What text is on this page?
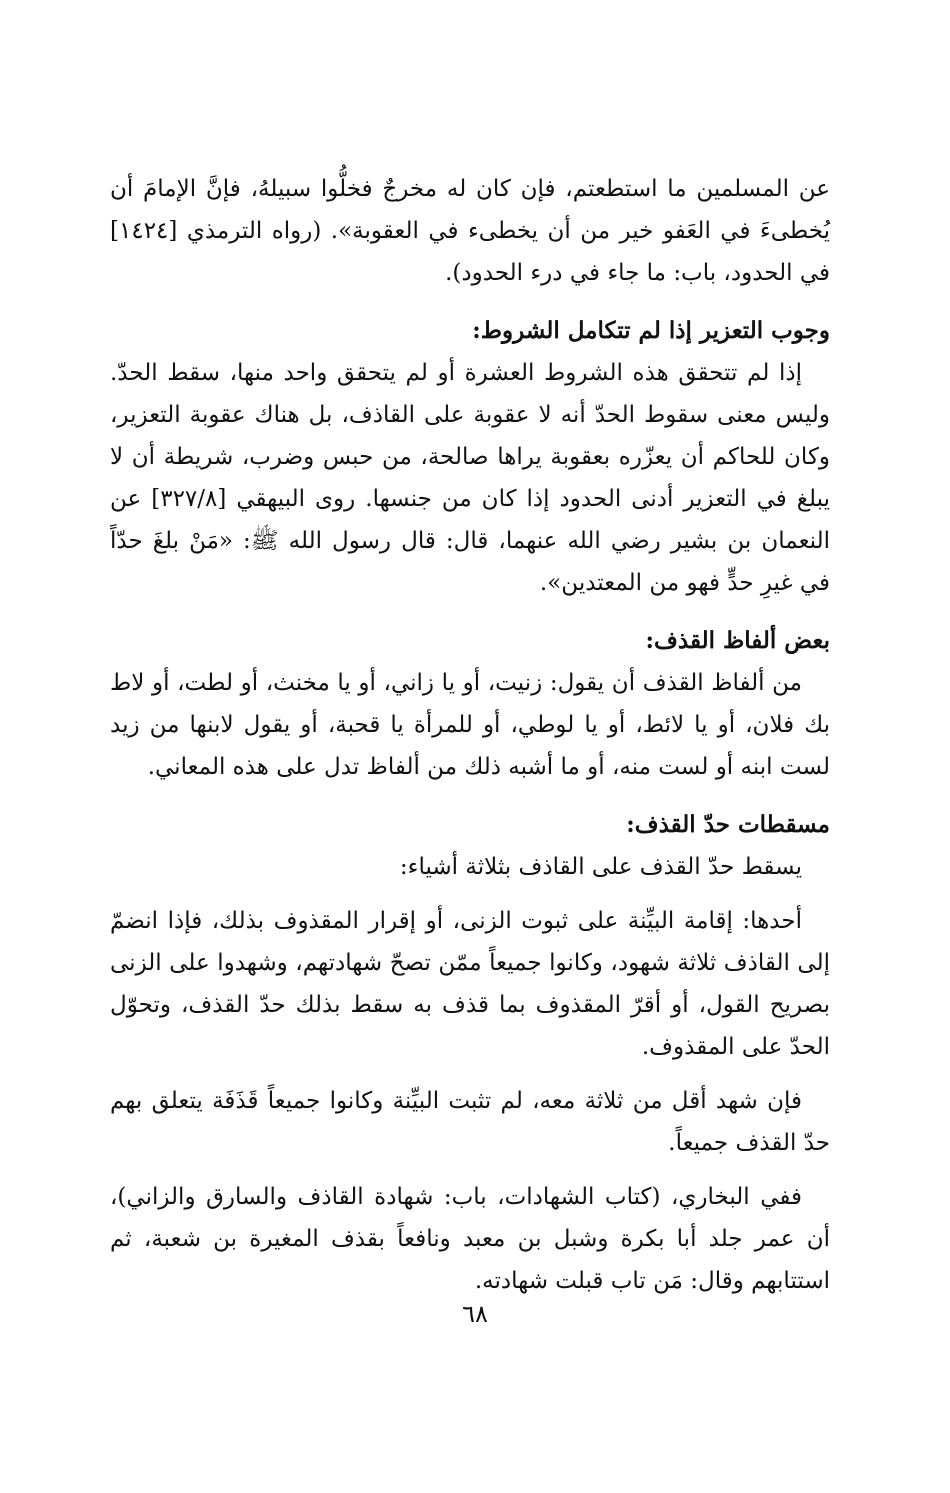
عن المسلمين ما استطعتم، فإن كان له مخرجٌ فخلُّوا سبيلهُ، فإنَّ الإمامَ أن يُخطىءَ في العَفو خير من أن يخطىء في العقوبة». (رواه الترمذي [١٤٢٤] في الحدود، باب: ما جاء في درء الحدود).

وجوب التعزير إذا لم تتكامل الشروط:

إذا لم تتحقق هذه الشروط العشرة أو لم يتحقق واحد منها، سقط الحدّ. وليس معنى سقوط الحدّ أنه لا عقوبة على القاذف، بل هناك عقوبة التعزير، وكان للحاكم أن يعزّره بعقوبة يراها صالحة، من حبس وضرب، شريطة أن لا يبلغ في التعزير أدنى الحدود إذا كان من جنسها. روى البيهقي [٣٢٧/٨] عن النعمان بن بشير رضي الله عنهما، قال: قال رسول الله ﷺ: «مَنْ بلغَ حدّاً في غيرِ حدٍّ فهو من المعتدين».

بعض ألفاظ القذف:

من ألفاظ القذف أن يقول: زنيت، أو يا زاني، أو يا مخنث، أو لطت، أو لاط بك فلان، أو يا لائط، أو يا لوطي، أو للمرأة يا قحبة، أو يقول لابنها من زيد لست ابنه أو لست منه، أو ما أشبه ذلك من ألفاظ تدل على هذه المعاني.

مسقطات حدّ القذف:

يسقط حدّ القذف على القاذف بثلاثة أشياء:

أحدها: إقامة البيِّنة على ثبوت الزنى، أو إقرار المقذوف بذلك، فإذا انضمّ إلى القاذف ثلاثة شهود، وكانوا جميعاً ممّن تصحّ شهادتهم، وشهدوا على الزنى بصريح القول، أو أقرّ المقذوف بما قذف به سقط بذلك حدّ القذف، وتحوّل الحدّ على المقذوف.

فإن شهد أقل من ثلاثة معه، لم تثبت البيِّنة وكانوا جميعاً قَذَفَة يتعلق بهم حدّ القذف جميعاً.

ففي البخاري، (كتاب الشهادات، باب: شهادة القاذف والسارق والزاني)، أن عمر جلد أبا بكرة وشبل بن معبد ونافعاً بقذف المغيرة بن شعبة، ثم استتابهم وقال: مَن تاب قبلت شهادته.

٦٨
